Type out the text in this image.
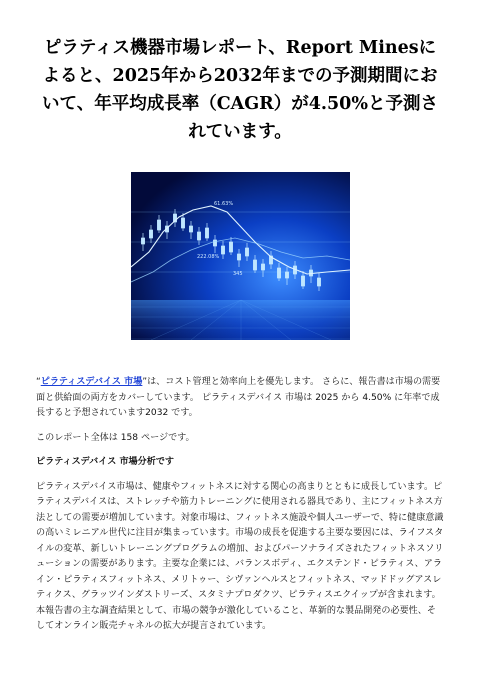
ピラティス機器市場レポート、Report Minesによると、2025年から2032年までの予測期間において、年平均成長率（CAGR）が4.50%と予測されています。
61.63%
222.08%
345

“ピラティスデバイス 市場”は、コスト管理と効率向上を優先します。 さらに、報告書は市場の需要面と供給面の両方をカバーしています。 ピラティスデバイス 市場は 2025 から 4.50% に年率で成長すると予想されています2032 です。

このレポート全体は 158 ページです。

ピラティスデバイス 市場分析です

ピラティスデバイス市場は、健康やフィットネスに対する関心の高まりとともに成長しています。ピラティスデバイスは、ストレッチや筋力トレーニングに使用される器具であり、主にフィットネス方法としての需要が増加しています。対象市場は、フィットネス施設や個人ユーザーで、特に健康意識の高いミレニアル世代に注目が集まっています。市場の成長を促進する主要な要因には、ライフスタイルの変革、新しいトレーニングプログラムの増加、およびパーソナライズされたフィットネスソリューションの需要があります。主要な企業には、バランスボディ、エクステンド・ピラティス、アライン・ピラティスフィットネス、メリトゥー、シヴァンヘルスとフィットネス、マッドドッグアスレティクス、グラッツインダストリーズ、スタミナプロダクツ、ピラティスエクイップが含まれます。本報告書の主な調査結果として、市場の競争が激化していること、革新的な製品開発の必要性、そしてオンライン販売チャネルの拡大が提言されています。
